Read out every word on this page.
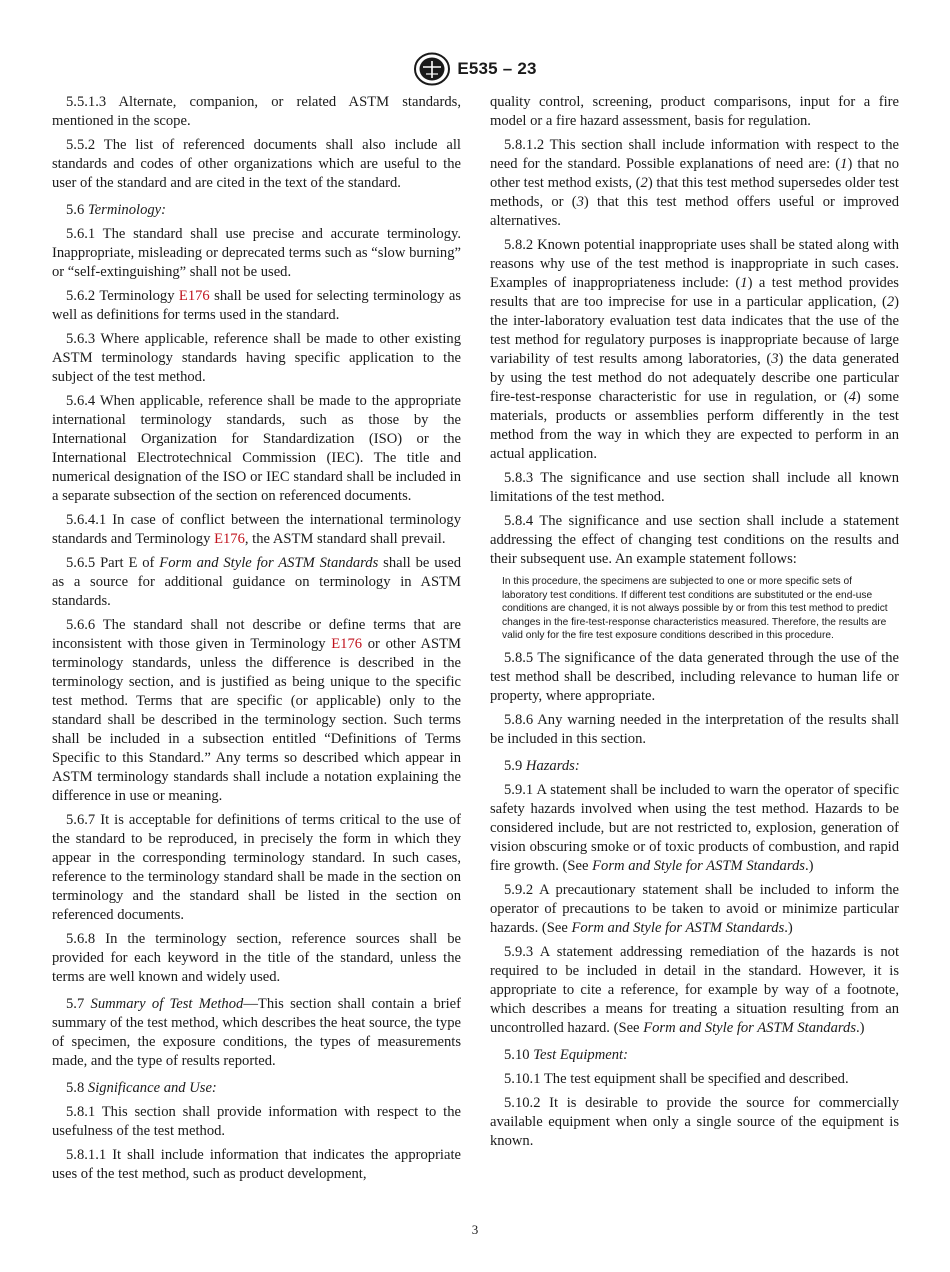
E535 – 23

5.5.1.3 Alternate, companion, or related ASTM standards, mentioned in the scope.

5.5.2 The list of referenced documents shall also include all standards and codes of other organizations which are useful to the user of the standard and are cited in the text of the standard.

5.6 Terminology:

5.6.1 The standard shall use precise and accurate terminology. Inappropriate, misleading or deprecated terms such as “slow burning” or “self-extinguishing” shall not be used.

5.6.2 Terminology E176 shall be used for selecting terminology as well as definitions for terms used in the standard.

5.6.3 Where applicable, reference shall be made to other existing ASTM terminology standards having specific application to the subject of the test method.

5.6.4 When applicable, reference shall be made to the appropriate international terminology standards, such as those by the International Organization for Standardization (ISO) or the International Electrotechnical Commission (IEC). The title and numerical designation of the ISO or IEC standard shall be included in a separate subsection of the section on referenced documents.

5.6.4.1 In case of conflict between the international terminology standards and Terminology E176, the ASTM standard shall prevail.

5.6.5 Part E of Form and Style for ASTM Standards shall be used as a source for additional guidance on terminology in ASTM standards.

5.6.6 The standard shall not describe or define terms that are inconsistent with those given in Terminology E176 or other ASTM terminology standards, unless the difference is described in the terminology section, and is justified as being unique to the specific test method. Terms that are specific (or applicable) only to the standard shall be described in the terminology section. Such terms shall be included in a subsection entitled “Definitions of Terms Specific to this Standard.” Any terms so described which appear in ASTM terminology standards shall include a notation explaining the difference in use or meaning.

5.6.7 It is acceptable for definitions of terms critical to the use of the standard to be reproduced, in precisely the form in which they appear in the corresponding terminology standard. In such cases, reference to the terminology standard shall be made in the section on terminology and the standard shall be listed in the section on referenced documents.

5.6.8 In the terminology section, reference sources shall be provided for each keyword in the title of the standard, unless the terms are well known and widely used.

5.7 Summary of Test Method—This section shall contain a brief summary of the test method, which describes the heat source, the type of specimen, the exposure conditions, the types of measurements made, and the type of results reported.

5.8 Significance and Use:

5.8.1 This section shall provide information with respect to the usefulness of the test method.

5.8.1.1 It shall include information that indicates the appropriate uses of the test method, such as product development,

quality control, screening, product comparisons, input for a fire model or a fire hazard assessment, basis for regulation.

5.8.1.2 This section shall include information with respect to the need for the standard. Possible explanations of need are: (1) that no other test method exists, (2) that this test method supersedes older test methods, or (3) that this test method offers useful or improved alternatives.

5.8.2 Known potential inappropriate uses shall be stated along with reasons why use of the test method is inappropriate in such cases. Examples of inappropriateness include: (1) a test method provides results that are too imprecise for use in a particular application, (2) the inter-laboratory evaluation test data indicates that the use of the test method for regulatory purposes is inappropriate because of large variability of test results among laboratories, (3) the data generated by using the test method do not adequately describe one particular fire-test-response characteristic for use in regulation, or (4) some materials, products or assemblies perform differently in the test method from the way in which they are expected to perform in an actual application.

5.8.3 The significance and use section shall include all known limitations of the test method.

5.8.4 The significance and use section shall include a statement addressing the effect of changing test conditions on the results and their subsequent use. An example statement follows:

In this procedure, the specimens are subjected to one or more specific sets of laboratory test conditions. If different test conditions are substituted or the end-use conditions are changed, it is not always possible by or from this test method to predict changes in the fire-test-response characteristics measured. Therefore, the results are valid only for the fire test exposure conditions described in this procedure.

5.8.5 The significance of the data generated through the use of the test method shall be described, including relevance to human life or property, where appropriate.

5.8.6 Any warning needed in the interpretation of the results shall be included in this section.

5.9 Hazards:

5.9.1 A statement shall be included to warn the operator of specific safety hazards involved when using the test method. Hazards to be considered include, but are not restricted to, explosion, generation of vision obscuring smoke or of toxic products of combustion, and rapid fire growth. (See Form and Style for ASTM Standards.)

5.9.2 A precautionary statement shall be included to inform the operator of precautions to be taken to avoid or minimize particular hazards. (See Form and Style for ASTM Standards.)

5.9.3 A statement addressing remediation of the hazards is not required to be included in detail in the standard. However, it is appropriate to cite a reference, for example by way of a footnote, which describes a means for treating a situation resulting from an uncontrolled hazard. (See Form and Style for ASTM Standards.)

5.10 Test Equipment:

5.10.1 The test equipment shall be specified and described.

5.10.2 It is desirable to provide the source for commercially available equipment when only a single source of the equipment is known.

3
